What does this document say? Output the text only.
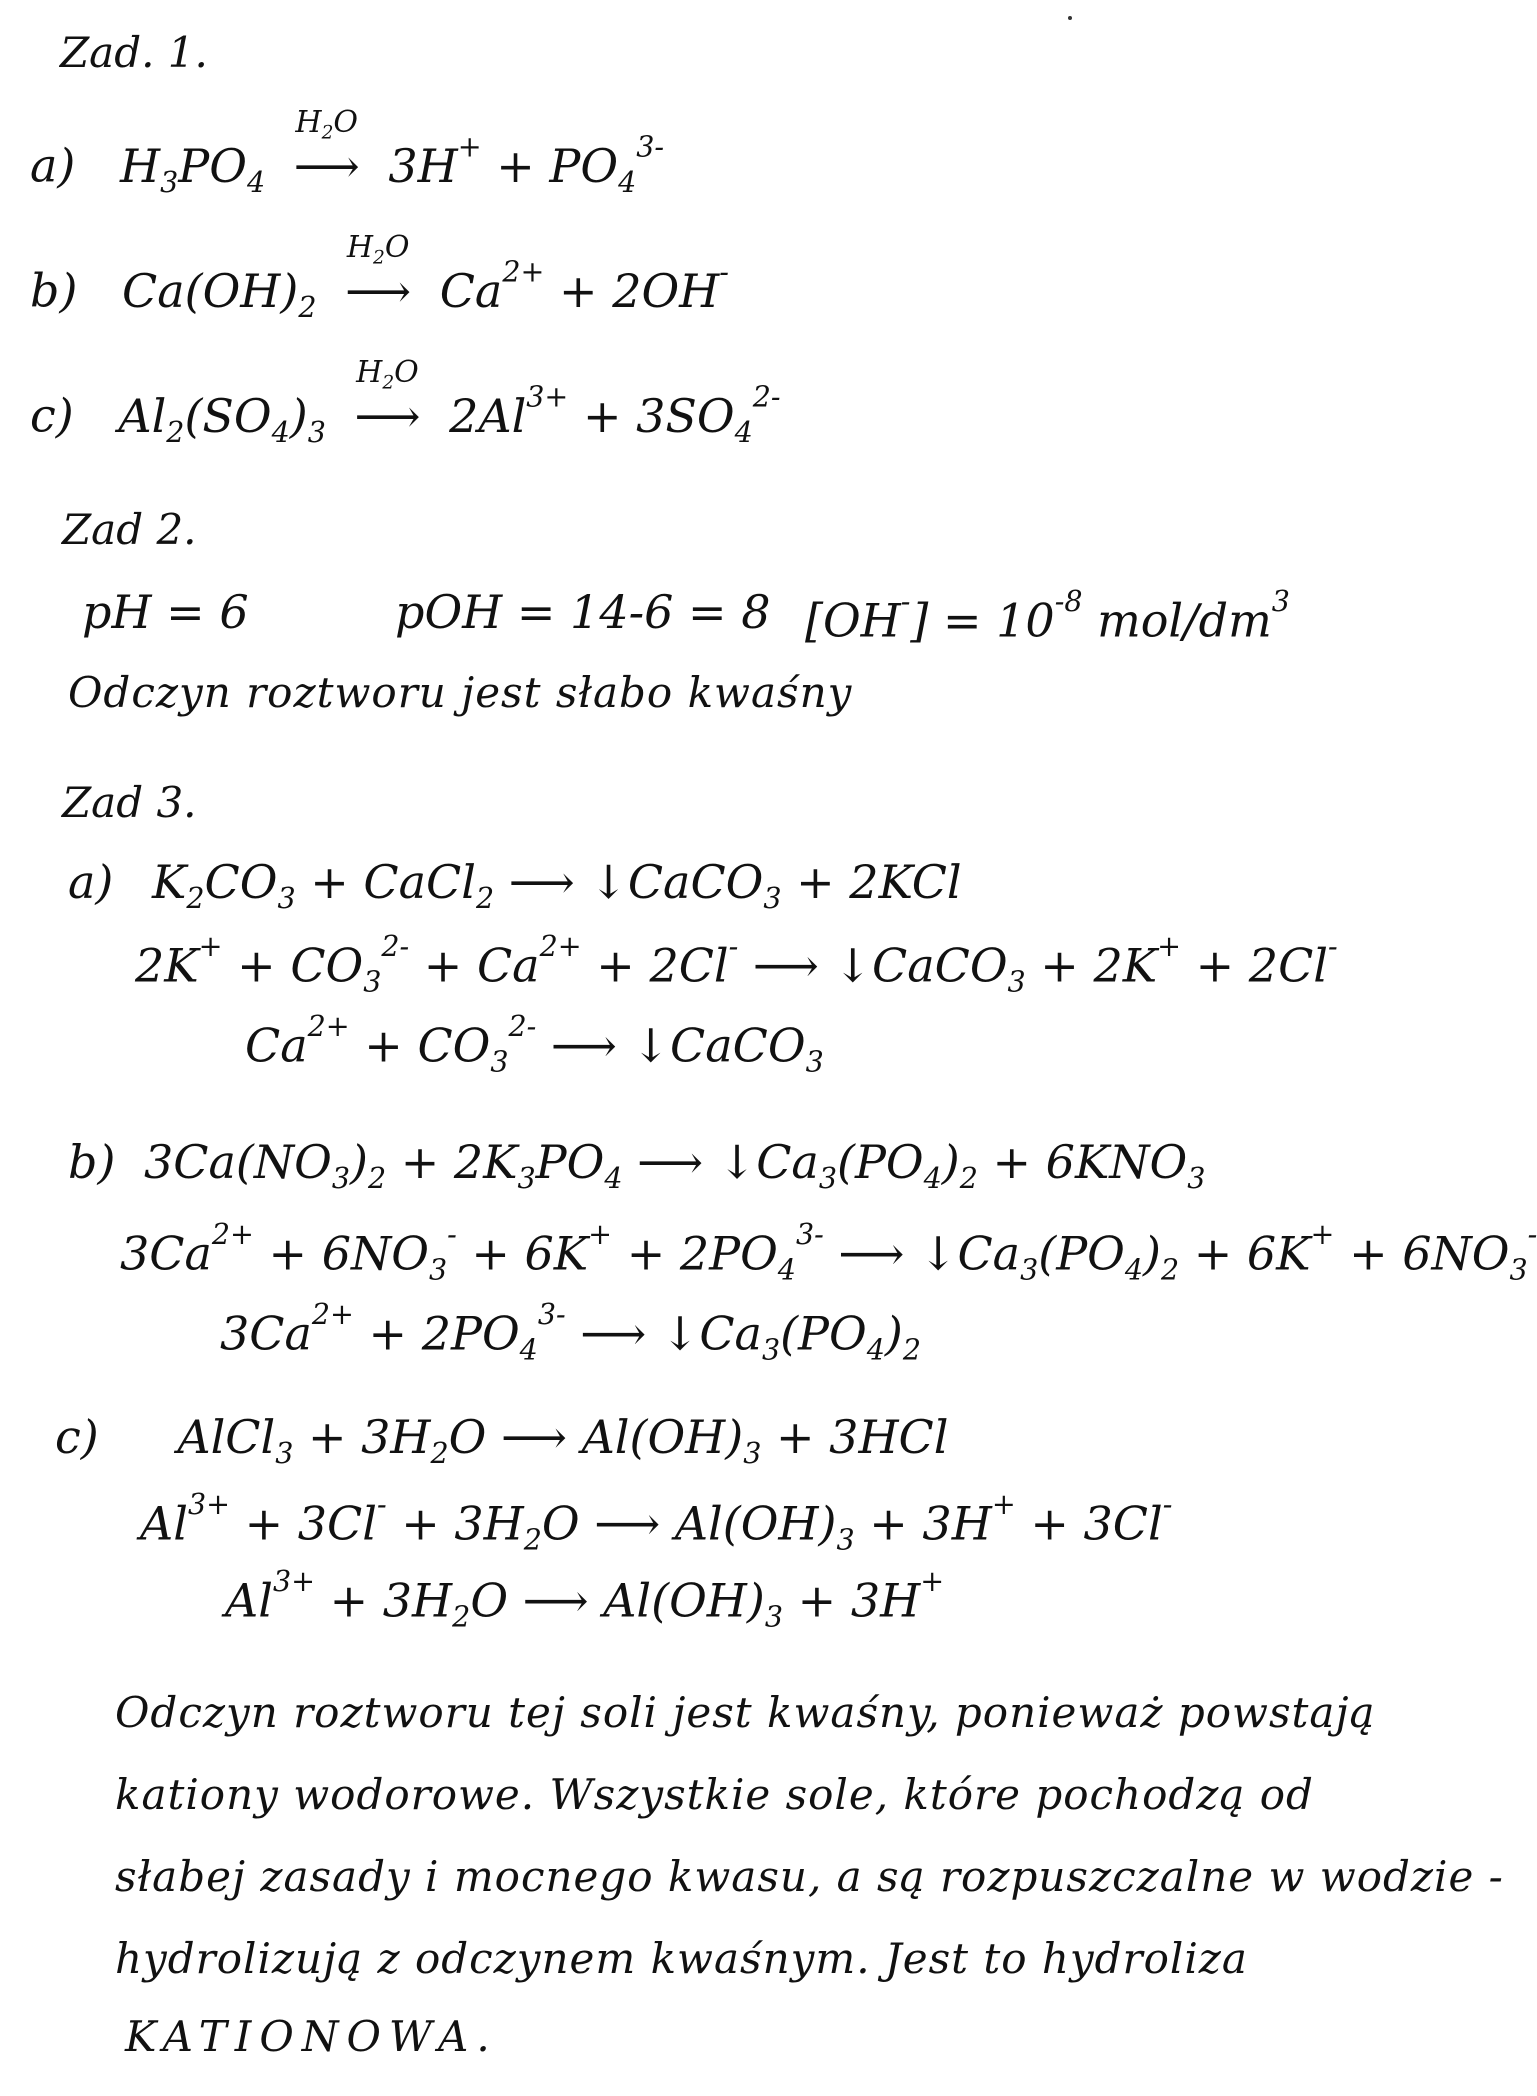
Zad. 1.
a) $H_3PO_4$
$H_2O$
⟶ $3H^+ + PO_4^{3-}$
b) $Ca(OH)_2$
$H_2O$
⟶ $Ca^{2+} + 2OH^-$
c) $Al_2(SO_4)_3$
$H_2O$
⟶ $2Al^{3+} + 3SO_4^{2-}$
Zad 2.
pH = 6	pOH = 14-6 = 8 $[OH^-] = 10^{-8}$ mol/$dm^3$

Odczyn roztworu jest słabo kwaśny

Zad 3.
a) $K_2CO_3$ + CaCl$_2$ ⟶ ↓CaCO$_3$ + 2KCl
$2K^+ + CO_3^{2-} + Ca^{2+} + 2Cl^-$ ⟶ ↓CaCO$_3$ + 2K+ + 2Cl-
$Ca^{2+} + CO_3^{2-}$ ⟶ ↓CaCO$_3$
b) $3Ca(NO_3)_2 + 2K_3PO_4$ ⟶ $↓Ca_3(PO_4)_2 + 6KNO_3$
$3Ca^{2+} + 6NO_3^- + 6K^+ + 2PO_4^{3-}$ ⟶ $↓Ca_3(PO_4)_2 + 6K^+ + 6NO_3^-$
$3Ca^{2+} + 2PO_4^{3-}$ ⟶ $↓Ca_3(PO_4)_2$
c) AlCl$_3$ + $3H_2O$ ⟶ $Al(OH)_3 + 3HCl$
$Al^{3+} + 3Cl^- + 3H_2O$ ⟶ $Al(OH)_3 + 3H^+ + 3Cl^-$
$Al^{3+} + 3H_2O$ ⟶ $Al(OH)_3 + 3H^+$

Odczyn roztworu tej soli jest kwaśny, ponieważ powstają

kationy wodorowe. Wszystkie sole, które pochodzą od

słabej zasady i mocnego kwasu, a są rozpuszczalne w wodzie -

hydrolizują z odczynem kwaśnym. Jest to hydroliza

KATIONOWA.
